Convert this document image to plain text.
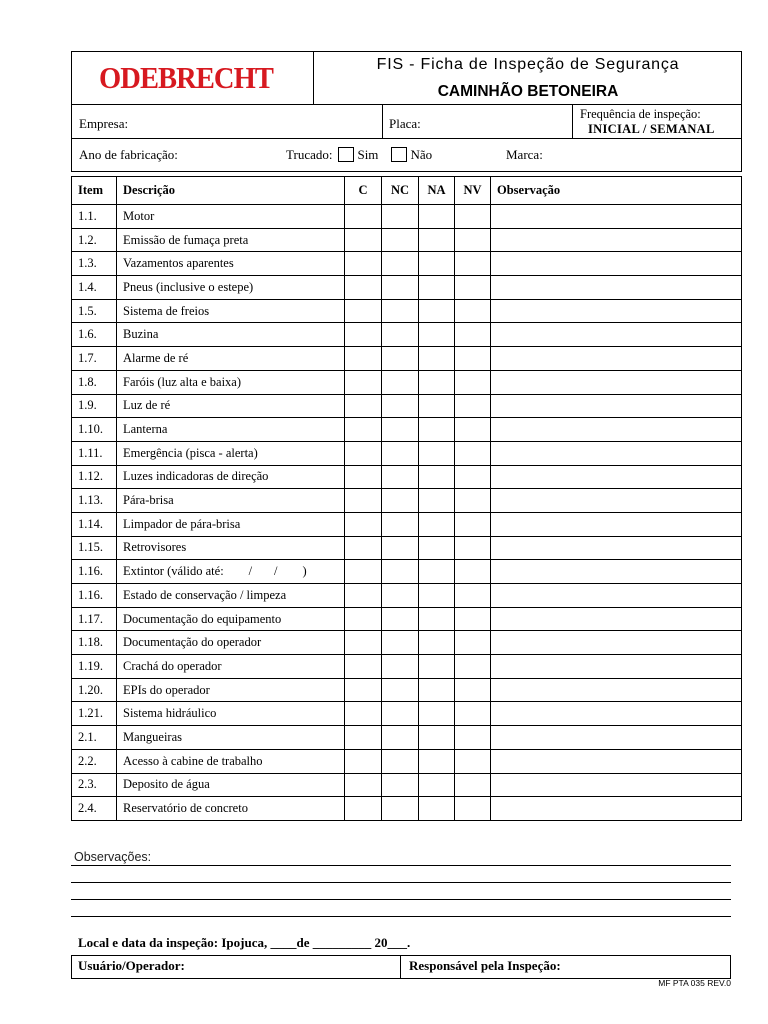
ODEBRECHT	FIS - Ficha de Inspeção de Segurança
CAMINHÃO BETONEIRA
Empresa:	Placa:
Frequência de inspeção:
INICIAL / SEMANAL
Ano de fabricação:	Trucado: Sim Não	Marca:
Item	Descrição	C	NC	NA	NV	Observação
1.1.	Motor					
1.2.	Emissão de fumaça preta					
1.3.	Vazamentos aparentes					
1.4.	Pneus (inclusive o estepe)					
1.5.	Sistema de freios					
1.6.	Buzina					
1.7.	Alarme de ré					
1.8.	Faróis (luz alta e baixa)					
1.9.	Luz de ré					
1.10.	Lanterna					
1.11.	Emergência (pisca - alerta)					
1.12.	Luzes indicadoras de direção					
1.13.	Pára-brisa					
1.14.	Limpador de pára-brisa					
1.15.	Retrovisores					
1.16.	Extintor (válido até:        /       /        )					
1.16.	Estado de conservação / limpeza					
1.17.	Documentação do equipamento					
1.18.	Documentação do operador					
1.19.	Crachá do operador					
1.20.	EPIs do operador					
1.21.	Sistema hidráulico					
2.1.	Mangueiras					
2.2.	Acesso à cabine de trabalho					
2.3.	Deposito de água					
2.4.	Reservatório de concreto					
Observações:
Local e data da inspeção: Ipojuca, ____de _________ 20___.
Usuário/Operador:	Responsável pela Inspeção:
MF PTA 035 REV.0
